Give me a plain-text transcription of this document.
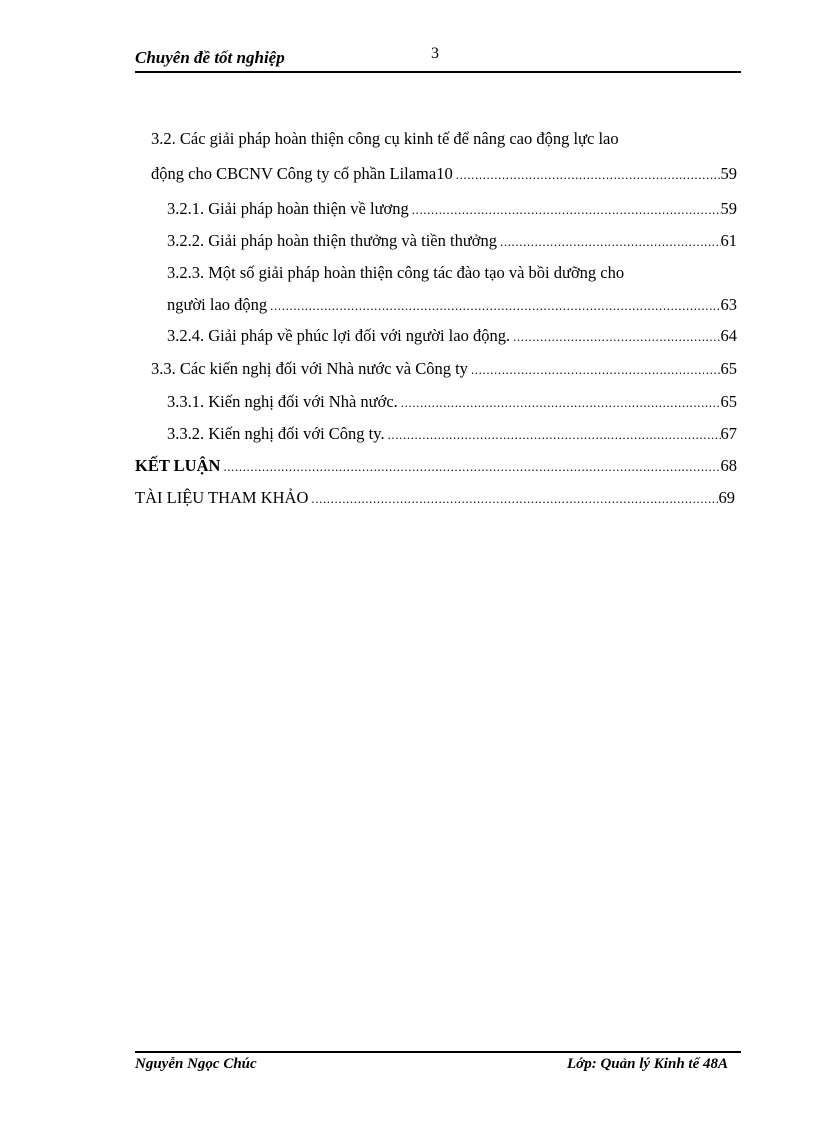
Chuyên đề tốt nghiệp	3
3.2. Các giải pháp hoàn thiện công cụ kinh tế để nâng cao động lực lao
động cho CBCNV Công ty cổ phần Lilama10 .....	59
3.2.1. Giải pháp hoàn thiện về lương .....	59
3.2.2. Giải pháp hoàn thiện thưởng và tiền thưởng .....	61
3.2.3. Một số giải pháp hoàn thiện công tác đào tạo và bồi dưỡng cho
người lao động .....	63
3.2.4. Giải pháp về phúc lợi đối với người lao động. .....	64
3.3. Các kiến nghị đối với Nhà nước và Công ty .....	65
3.3.1. Kiến nghị đối với Nhà nước. .....	65
3.3.2. Kiến nghị đối với Công ty. .....	67
KẾT LUẬN .....	68
TÀI LIỆU THAM KHẢO .....	69
Nguyễn Ngọc Chúc	Lớp: Quản lý Kinh tế 48A
